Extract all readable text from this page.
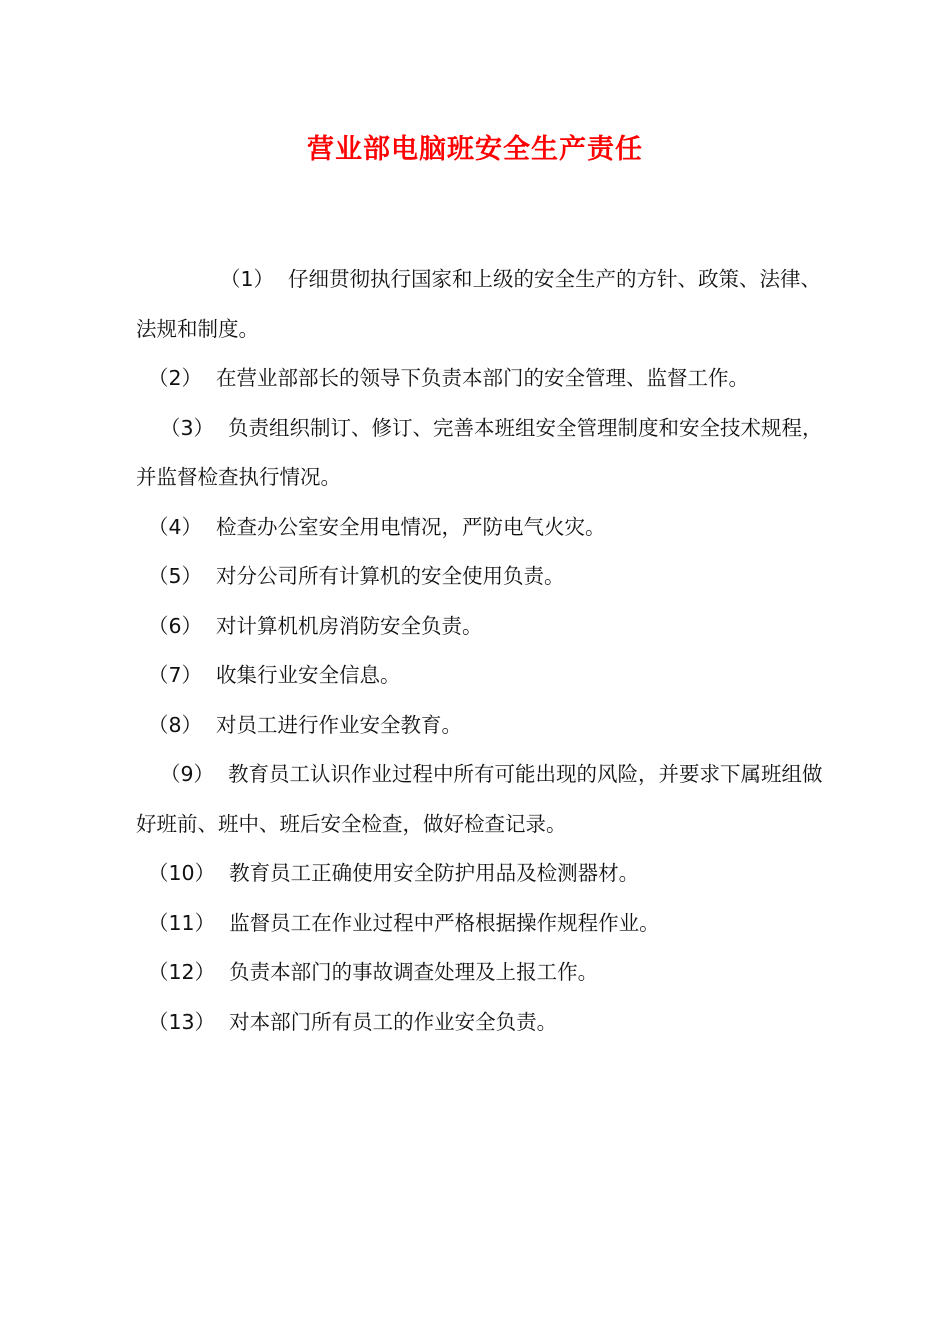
营业部电脑班安全生产责任

（1） 仔细贯彻执行国家和上级的安全生产的方针、政策、法律、法规和制度。

（2） 在营业部部长的领导下负责本部门的安全管理、监督工作。

（3） 负责组织制订、修订、完善本班组安全管理制度和安全技术规程，并监督检查执行情况。

（4） 检查办公室安全用电情况，严防电气火灾。

（5） 对分公司所有计算机的安全使用负责。

（6） 对计算机机房消防安全负责。

（7） 收集行业安全信息。

（8） 对员工进行作业安全教育。

（9） 教育员工认识作业过程中所有可能出现的风险，并要求下属班组做好班前、班中、班后安全检查，做好检查记录。

（10） 教育员工正确使用安全防护用品及检测器材。

（11） 监督员工在作业过程中严格根据操作规程作业。

（12） 负责本部门的事故调查处理及上报工作。

（13） 对本部门所有员工的作业安全负责。
